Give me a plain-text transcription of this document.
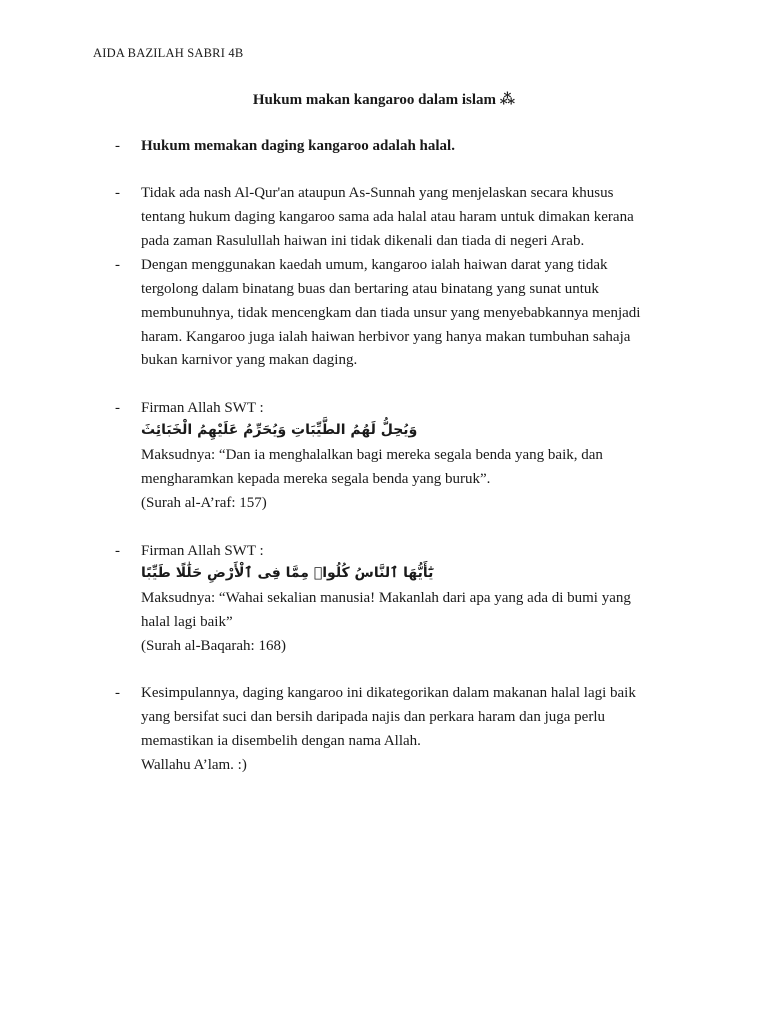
AIDA BAZILAH SABRI 4B

Hukum makan kangaroo dalam islam ⁂

- Hukum memakan daging kangaroo adalah halal.

- Tidak ada nash Al-Qur'an ataupun As-Sunnah yang menjelaskan secara khusus

tentang hukum daging kangaroo sama ada halal atau haram untuk dimakan kerana

pada zaman Rasulullah haiwan ini tidak dikenali dan tiada di negeri Arab.

- Dengan menggunakan kaedah umum, kangaroo ialah haiwan darat yang tidak

tergolong dalam binatang buas dan bertaring atau binatang yang sunat untuk

membunuhnya, tidak mencengkam dan tiada unsur yang menyebabkannya menjadi

haram. Kangaroo juga ialah haiwan herbivor yang hanya makan tumbuhan sahaja

bukan karnivor yang makan daging.

- Firman Allah SWT :

وَيُحِلُّ لَهُمُ الطَّيِّبَاتِ وَيُحَرِّمُ عَلَيْهِمُ الْخَبَائِثَ

Maksudnya: “Dan ia menghalalkan bagi mereka segala benda yang baik, dan

mengharamkan kepada mereka segala benda yang buruk”.

(Surah al-A’raf: 157)

- Firman Allah SWT :

يَٰٓأَيُّهَا ٱلنَّاسُ كُلُوا۟ مِمَّا فِى ٱلْأَرْضِ حَلَٰلًا طَيِّبًا

Maksudnya: “Wahai sekalian manusia! Makanlah dari apa yang ada di bumi yang

halal lagi baik”

(Surah al-Baqarah: 168)

- Kesimpulannya, daging kangaroo ini dikategorikan dalam makanan halal lagi baik

yang bersifat suci dan bersih daripada najis dan perkara haram dan juga perlu

memastikan ia disembelih dengan nama Allah.

Wallahu A’lam. :)
